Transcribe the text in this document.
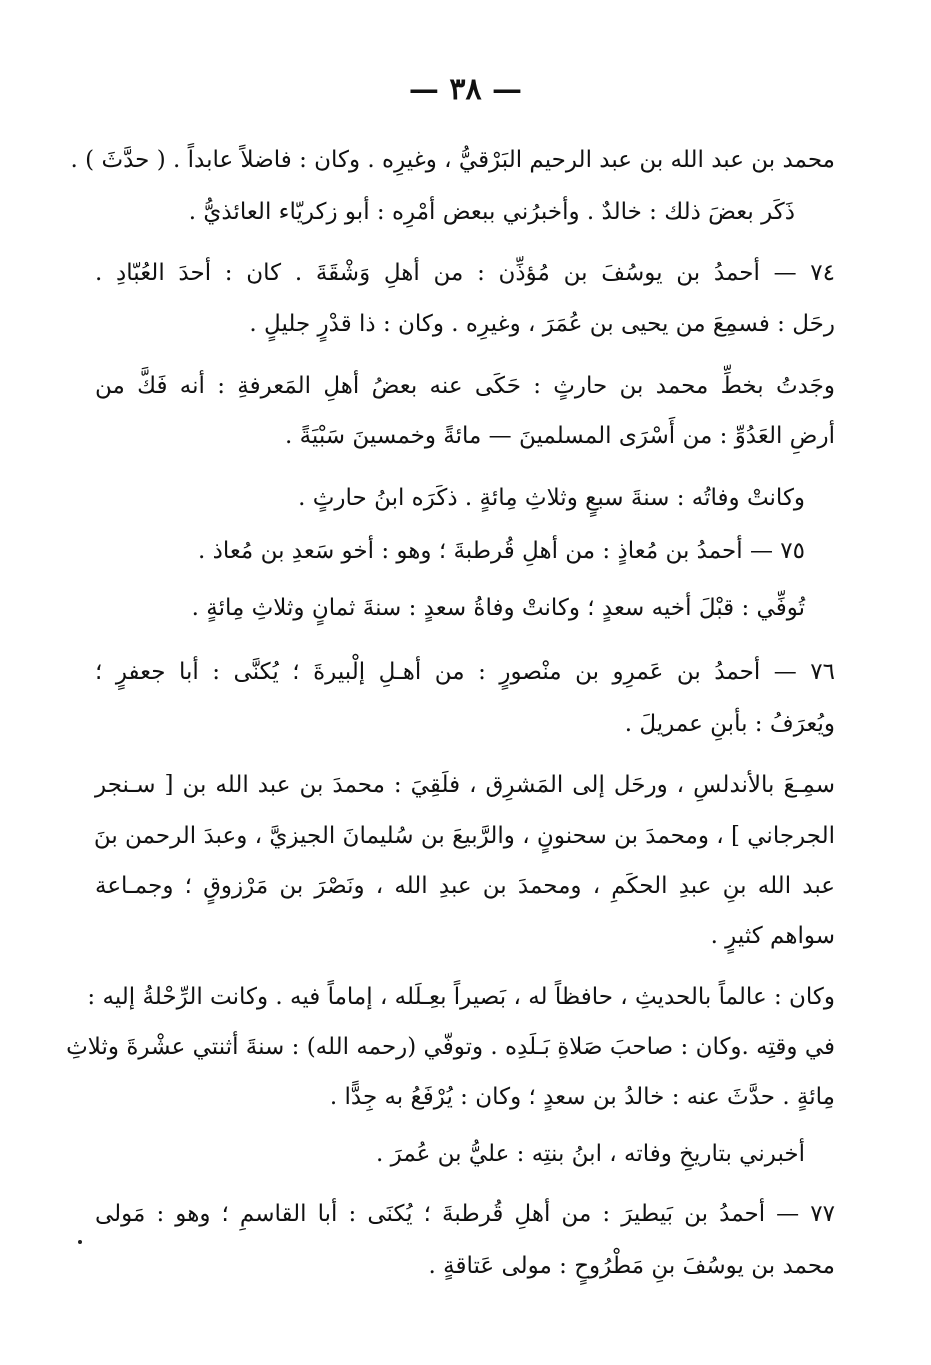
— ٣٨ —
محمد بن عبد الله بن عبد الرحيم البَرْقيُّ ، وغيرِه . وكان : فاضلاً عابداً . ( حدَّثَ ) .
ذَكَر بعضَ ذلك : خالدٌ . وأخبرُني ببعض أمْرِه : أبو زكريّاء العائذيُّ .
٧٤ — أحمدُ بن يوسُفَ بن مُؤذِّن : من أهلِ وَشْقَةَ . كان : أحدَ العُبّادِ .
رحَل : فسمِعَ من يحيى بن عُمَرَ ، وغيرِه . وكان : ذا قدْرٍ جليلٍ .
وجَدتُ بخطِّ محمد بن حارثٍ : حَكَى عنه بعضُ أهلِ المَعرفةِ : أنه فَكَّ من
أرضِ العَدُوِّ : من أَسْرَى المسلمينَ — مائةً وخمسينَ سَبْيَةً .
وكانتْ وفاتُه : سنةَ سبعٍ وثلاثِ مِائةٍ . ذكَرَه ابنُ حارثٍ .
٧٥ — أحمدُ بن مُعاذٍ : من أهلِ قُرطبةَ ؛ وهو : أخو سَعدِ بن مُعاذ .
تُوفِّي : قبْلَ أخيه سعدٍ ؛ وكانتْ وفاةُ سعدٍ : سنةَ ثمانٍ وثلاثِ مِائةٍ .
٧٦ — أحمدُ بن عَمرِو بن منْصورٍ : من أهـلِ إلْبيرةَ ؛ يُكنَّى : أبا جعفرٍ ؛
ويُعرَفُ : بأبنِ عمريلَ .
سمِـعَ بالأندلسِ ، ورحَل إلى المَشرِق ، فلَقِيَ : محمدَ بن عبد الله بن [ سـنجر
الجرجاني ] ، ومحمدَ بن سحنونٍ ، والرَّبيعَ بن سُليمانَ الجيزيَّ ، وعبدَ الرحمن بنَ
عبد الله بنِ عبدِ الحكَمِ ، ومحمدَ بن عبدِ الله ، ونَصْرَ بن مَرْزوقٍ ؛ وجمـاعة
سواهم كثيرٍ .
وكان : عالماً بالحديثِ ، حافظاً له ، بَصيراً بعِـلَله ، إماماً فيه . وكانت الرِّحْلةُ إليه :
في وقتِه .وكان : صاحبَ صَلاةِ بَـلَدِه . وتوفّي (رحمه الله) : سنةَ أثنتي عشْرةَ وثلاثِ
مِائةٍ . حدَّثَ عنه : خالدُ بن سعدٍ ؛ وكان : يُرْفَعُ به جِدًّا .
أخبرني بتاريخِ وفاته ، ابنُ بنتِه : عليُّ بن عُمرَ .
٧٧ — أحمدُ بن بَيطيرَ : من أهلِ قُرطبةَ ؛ يُكنَى : أبا القاسمِ ؛ وهو : مَولى
محمد بن يوسُفَ بنِ مَطْرُوحٍ : مولى عَتاقةٍ .
